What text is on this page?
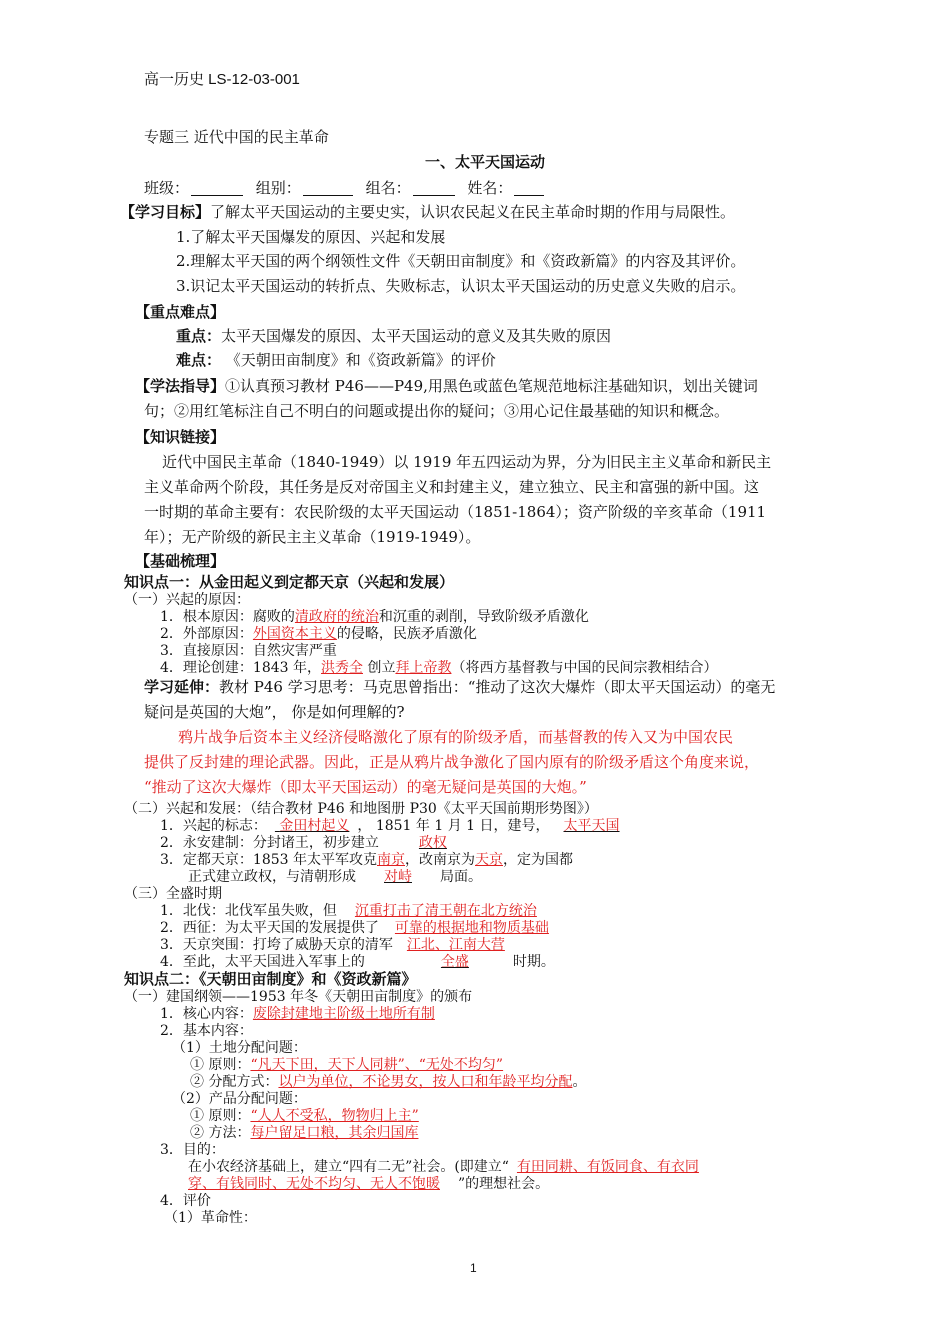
高一历史 LS-12-03-001
专题三 近代中国的民主革命
一、太平天国运动
班级：	组别：	组名：	姓名：
【学习目标】了解太平天国运动的主要史实，认识农民起义在民主革命时期的作用与局限性。
1.了解太平天国爆发的原因、兴起和发展
2.理解太平天国的两个纲领性文件《天朝田亩制度》和《资政新篇》的内容及其评价。
3.识记太平天国运动的转折点、失败标志，认识太平天国运动的历史意义失败的启示。
【重点难点】
重点：太平天国爆发的原因、太平天国运动的意义及其失败的原因
难点： 《天朝田亩制度》和《资政新篇》的评价
【学法指导】①认真预习教材 P46——P49,用黑色或蓝色笔规范地标注基础知识，划出关键词
句；②用红笔标注自己不明白的问题或提出你的疑问；③用心记住最基础的知识和概念。
【知识链接】
近代中国民主革命（1840-1949）以 1919 年五四运动为界，分为旧民主主义革命和新民主
主义革命两个阶段，其任务是反对帝国主义和封建主义，建立独立、民主和富强的新中国。这
一时期的革命主要有：农民阶级的太平天国运动（1851-1864）；资产阶级的辛亥革命（1911
年）；无产阶级的新民主主义革命（1919-1949）。
【基础梳理】
知识点一：从金田起义到定都天京（兴起和发展）
（一）兴起的原因：
1．根本原因：腐败的清政府的统治和沉重的剥削，导致阶级矛盾激化
2．外部原因：外国资本主义的侵略，民族矛盾激化
3．直接原因：自然灾害严重
4．理论创建：1843 年，洪秀全 创立拜上帝教（将西方基督教与中国的民间宗教相结合）
学习延伸：教材 P46 学习思考：马克思曾指出：“推动了这次大爆炸（即太平天国运动）的毫无
疑问是英国的大炮”， 你是如何理解的?
鸦片战争后资本主义经济侵略激化了原有的阶级矛盾，而基督教的传入又为中国农民
提供了反封建的理论武器。因此，正是从鸦片战争激化了国内原有的阶级矛盾这个角度来说，
“推动了这次大爆炸（即太平天国运动）的毫无疑问是英国的大炮。”
（二）兴起和发展：（结合教材 P46 和地图册 P30《太平天国前期形势图》）
1．兴起的标志： 金田村起义 ， 1851 年 1 月 1 日，建号， 太平天国
2．永安建制：分封诸王，初步建立	政权
3．定都天京：1853 年太平军攻克南京，改南京为天京，定为国都
正式建立政权，与清朝形成 对峙 局面。
（三）全盛时期
1．北伐：北伐军虽失败，但 沉重打击了清王朝在北方统治
2．西征：为太平天国的发展提供了 可靠的根据地和物质基础
3．天京突围：打垮了威胁天京的清军 江北、江南大营
4．至此，太平天国进入军事上的	全盛	时期。
知识点二：《天朝田亩制度》和《资政新篇》
（一）建国纲领——1953 年冬《天朝田亩制度》的颁布
1．核心内容：废除封建地主阶级土地所有制
2．基本内容：
（1）土地分配问题：
① 原则：“凡天下田，天下人同耕”、“无处不均匀”
② 分配方式：以户为单位，不论男女，按人口和年龄平均分配。
（2）产品分配问题：
① 原则：“人人不受私，物物归上主”
② 方法：每户留足口粮，其余归国库
3．目的：
在小农经济基础上，建立“四有二无”社会。(即建立“ 有田同耕、有饭同食、有衣同
穿、有钱同时、无处不均匀、无人不饱暖 ”的理想社会。
4．评价
（1）革命性：
1
